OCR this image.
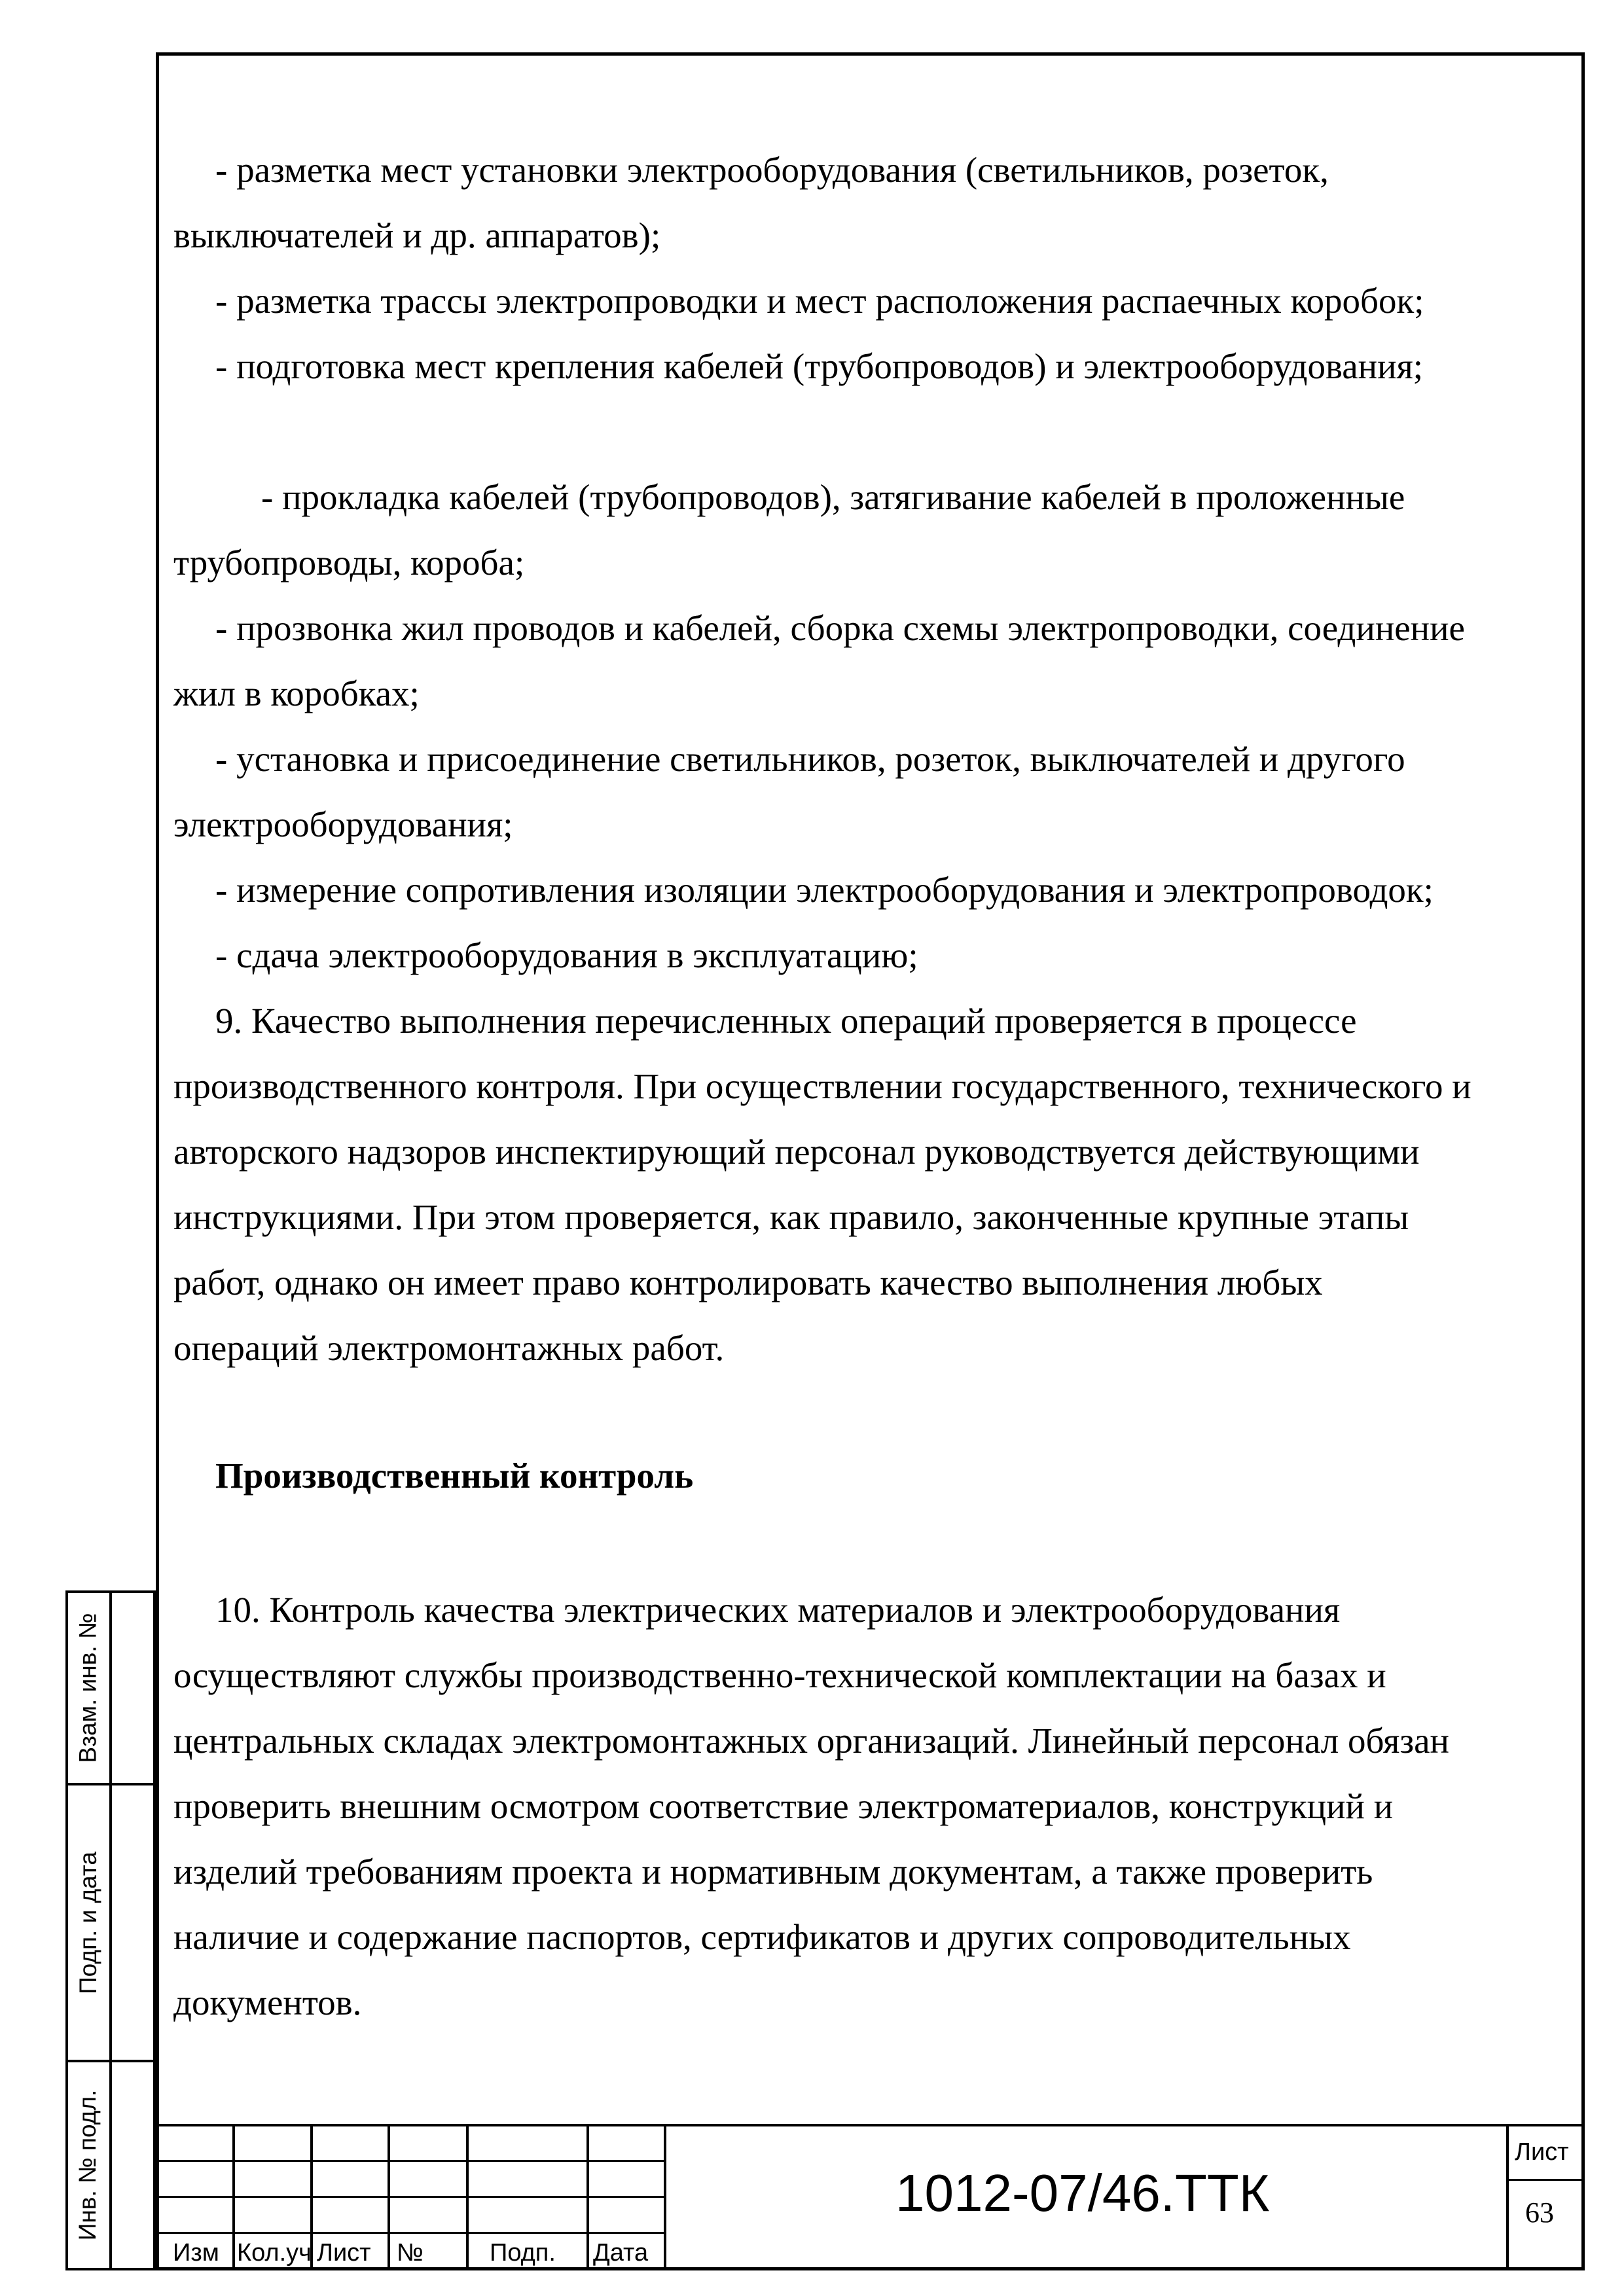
- разметка мест установки электрооборудования (светильников, розеток,
выключателей и др. аппаратов);
- разметка трассы электропроводки и мест расположения распаечных коробок;
- подготовка мест крепления кабелей (трубопроводов) и электрооборудования;
- прокладка кабелей (трубопроводов), затягивание кабелей в проложенные
трубопроводы, короба;
- прозвонка жил проводов и кабелей, сборка схемы электропроводки, соединение
жил в коробках;
- установка и присоединение светильников, розеток, выключателей и другого
электрооборудования;
- измерение сопротивления изоляции электрооборудования и электропроводок;
- сдача электрооборудования в эксплуатацию;
9. Качество выполнения перечисленных операций проверяется в процессе
производственного контроля. При осуществлении государственного, технического и
авторского надзоров инспектирующий персонал руководствуется действующими
инструкциями. При этом проверяется, как правило, законченные крупные этапы
работ, однако он имеет право контролировать качество выполнения любых
операций электромонтажных работ.
Производственный контроль
10. Контроль качества электрических материалов и электрооборудования
осуществляют службы производственно-технической комплектации на базах и
центральных складах электромонтажных организаций. Линейный персонал обязан
проверить внешним осмотром соответствие электроматериалов, конструкций и
изделий требованиям проекта и нормативным документам, а также проверить
наличие и содержание паспортов, сертификатов и других сопроводительных
документов.
Взам. инв. №
Подп. и дата
Инв. № подл.
Изм Кол.уч Лист №	Подп. Дата
1012-07/46.ТТК
Лист
63
